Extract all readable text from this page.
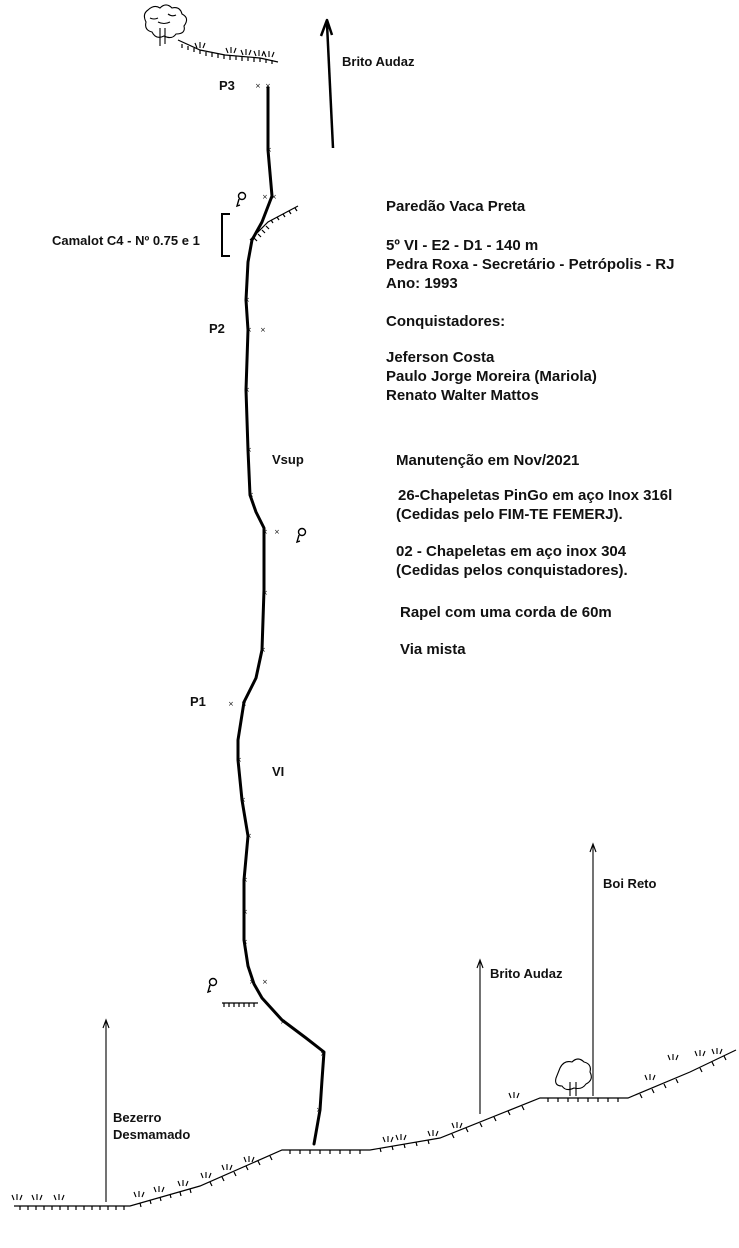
× ×
×
× ×
×
× ×
×
×
×
× ×
×
×
× ×
×
×
×
×
×
×
× ×
×
×
×
P3
P2
P1
Camalot C4 - Nº 0.75 e 1
Vsup
VI
Brito Audaz
Brito Audaz
Boi Reto
Bezerro
Desmamado
Paredão Vaca Preta
5º VI - E2 - D1 - 140 m
Pedra Roxa - Secretário - Petrópolis - RJ
Ano: 1993
Conquistadores:
Jeferson Costa
Paulo Jorge Moreira (Mariola)
Renato Walter Mattos
Manutenção em Nov/2021
26-Chapeletas PinGo em aço Inox 316l
(Cedidas pelo FIM-TE FEMERJ).
02 - Chapeletas em aço inox 304
(Cedidas pelos conquistadores).
Rapel com uma corda de 60m
Via mista
